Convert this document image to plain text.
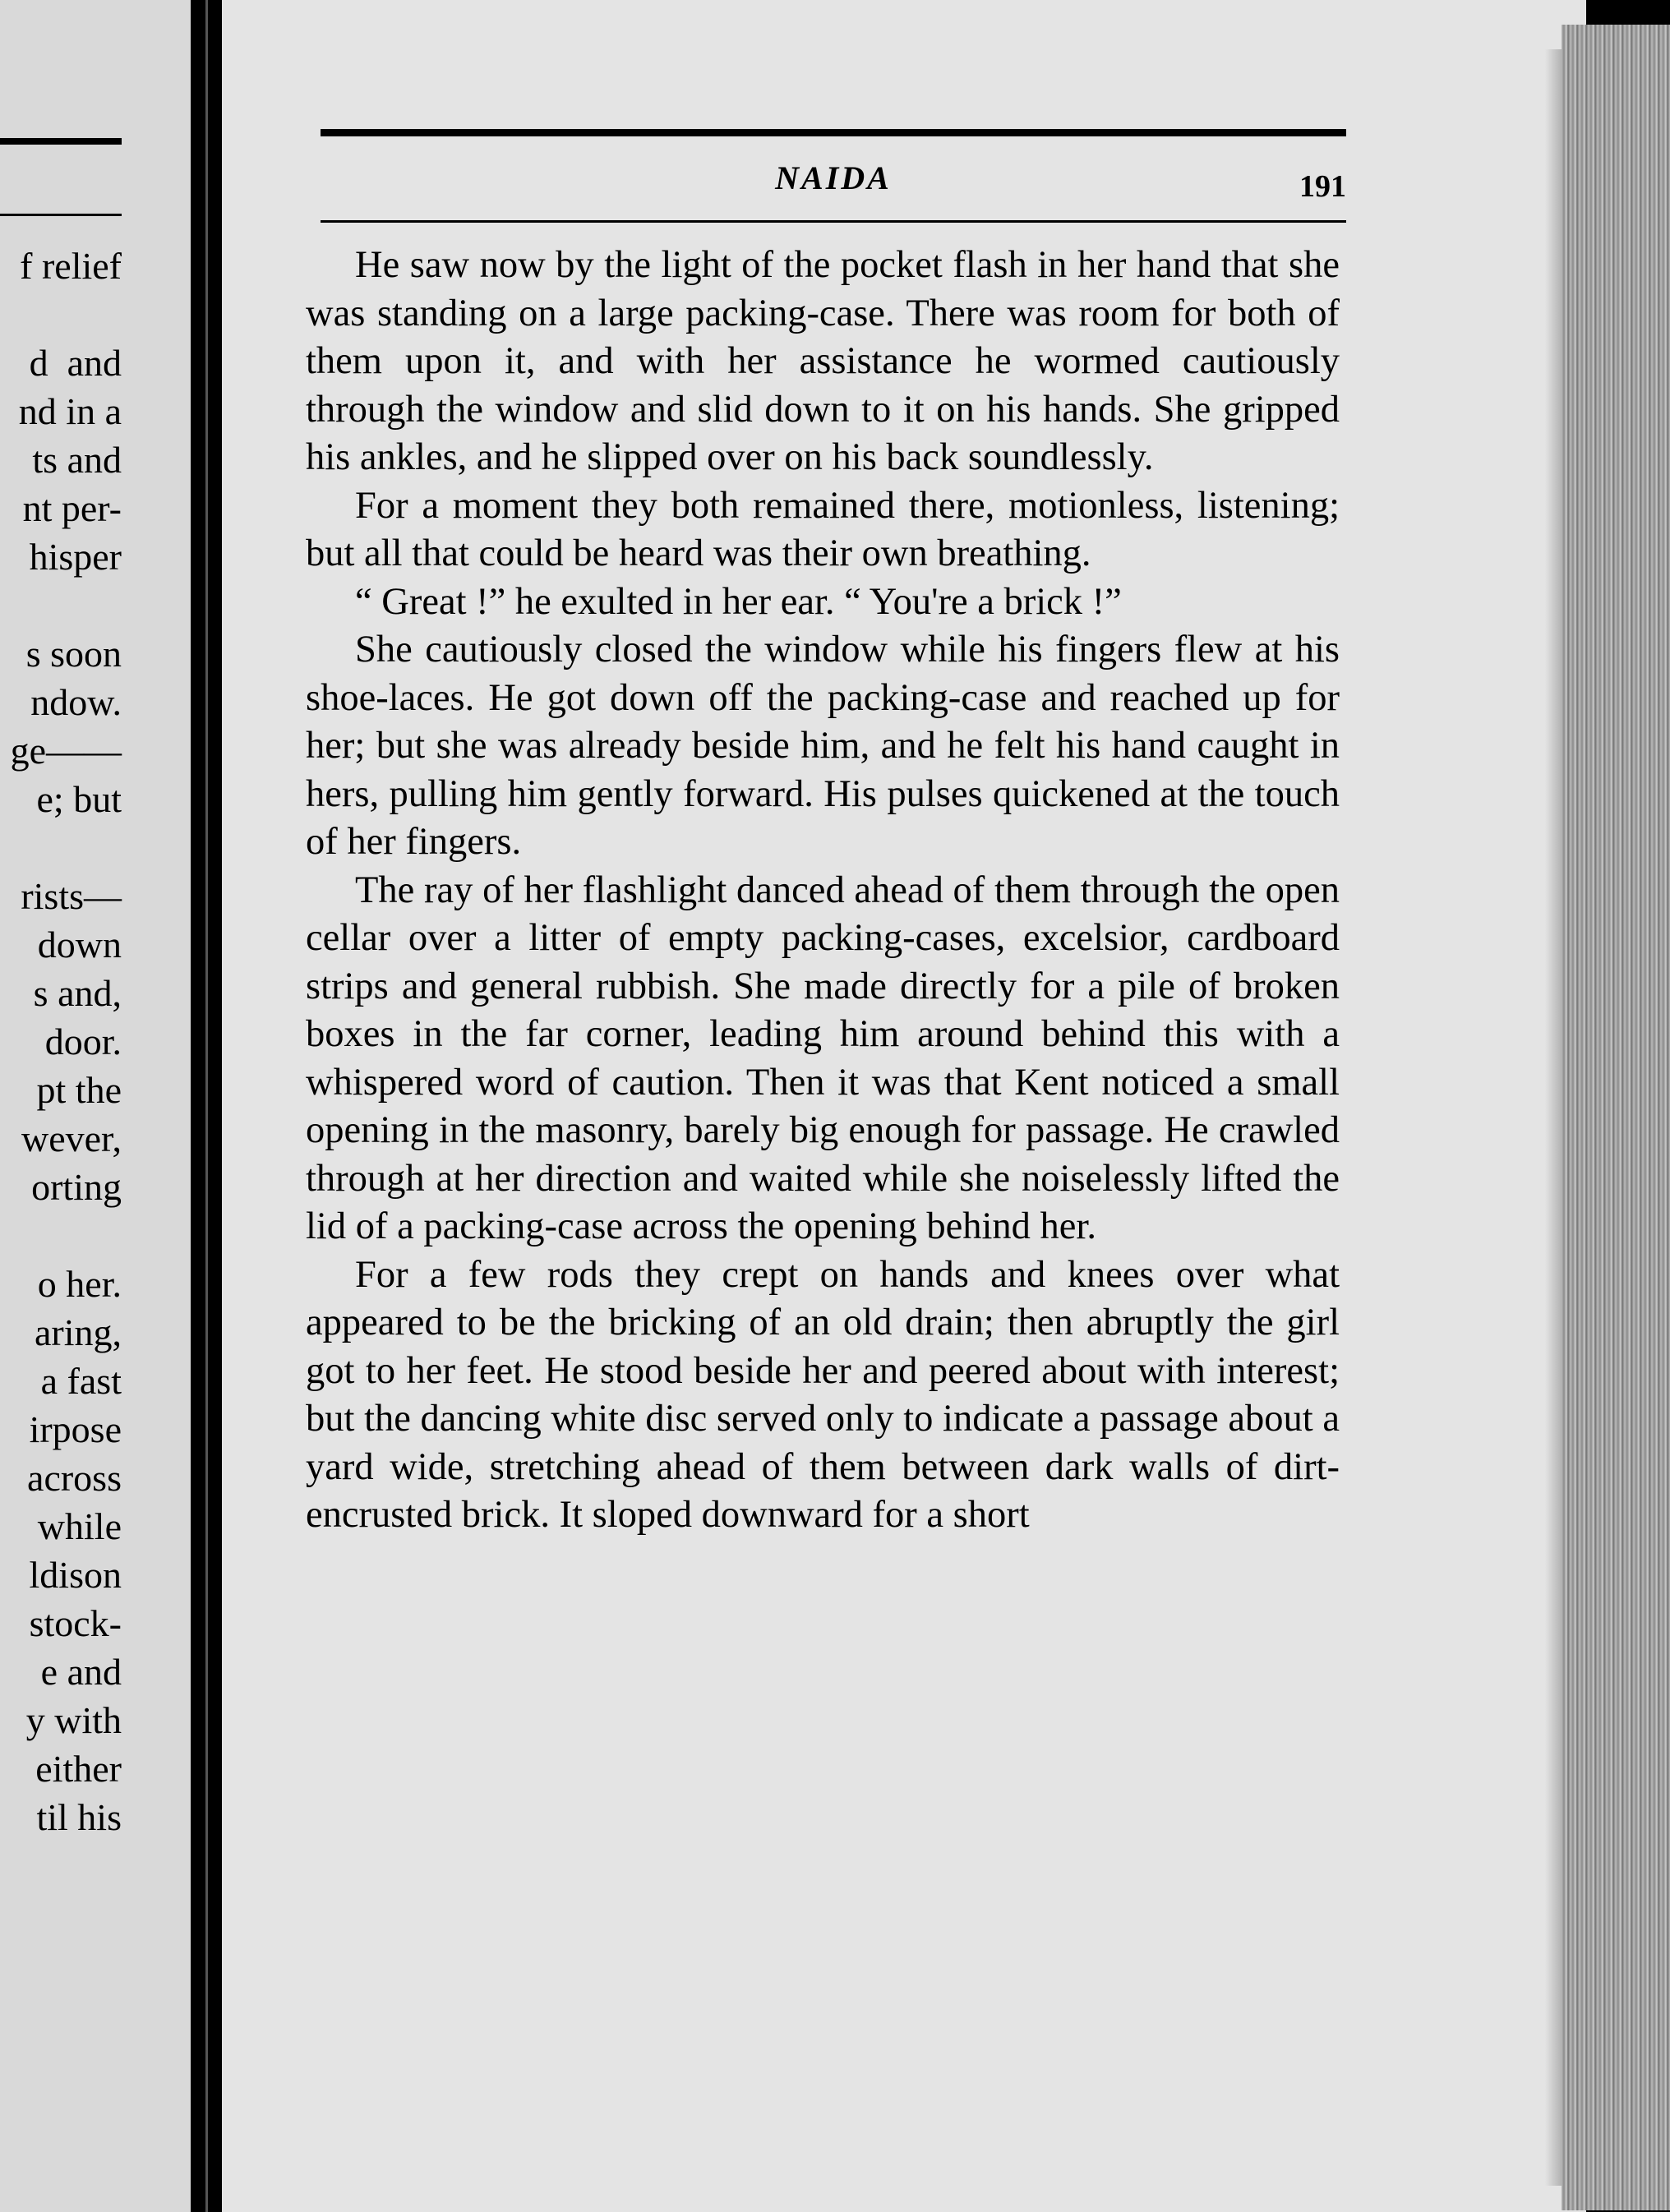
f relief
d  and
nd in a
ts and
nt per-
hisper
s soon
ndow.
ge——
e; but
rists—
down
s and,
door.
pt the
wever,
orting
o her.
aring,
a fast
irpose
across
while
ldison
stock-
e and
y with
either
til his
NAIDA	191

He saw now by the light of the pocket flash in her hand that she was standing on a large packing-case. There was room for both of them upon it, and with her assistance he wormed cautiously through the window and slid down to it on his hands. She gripped his ankles, and he slipped over on his back soundlessly.

For a moment they both remained there, motionless, listening; but all that could be heard was their own breathing.

“ Great !” he exulted in her ear. “ You're a brick !”

She cautiously closed the window while his fingers flew at his shoe-laces. He got down off the packing-case and reached up for her; but she was already beside him, and he felt his hand caught in hers, pulling him gently forward. His pulses quickened at the touch of her fingers.

The ray of her flashlight danced ahead of them through the open cellar over a litter of empty packing-cases, excelsior, cardboard strips and general rubbish. She made directly for a pile of broken boxes in the far corner, leading him around behind this with a whispered word of caution. Then it was that Kent noticed a small opening in the masonry, barely big enough for passage. He crawled through at her direction and waited while she noiselessly lifted the lid of a packing-case across the opening behind her.

For a few rods they crept on hands and knees over what appeared to be the bricking of an old drain; then abruptly the girl got to her feet. He stood beside her and peered about with interest; but the dancing white disc served only to indicate a passage about a yard wide, stretching ahead of them between dark walls of dirt-encrusted brick. It sloped downward for a short
